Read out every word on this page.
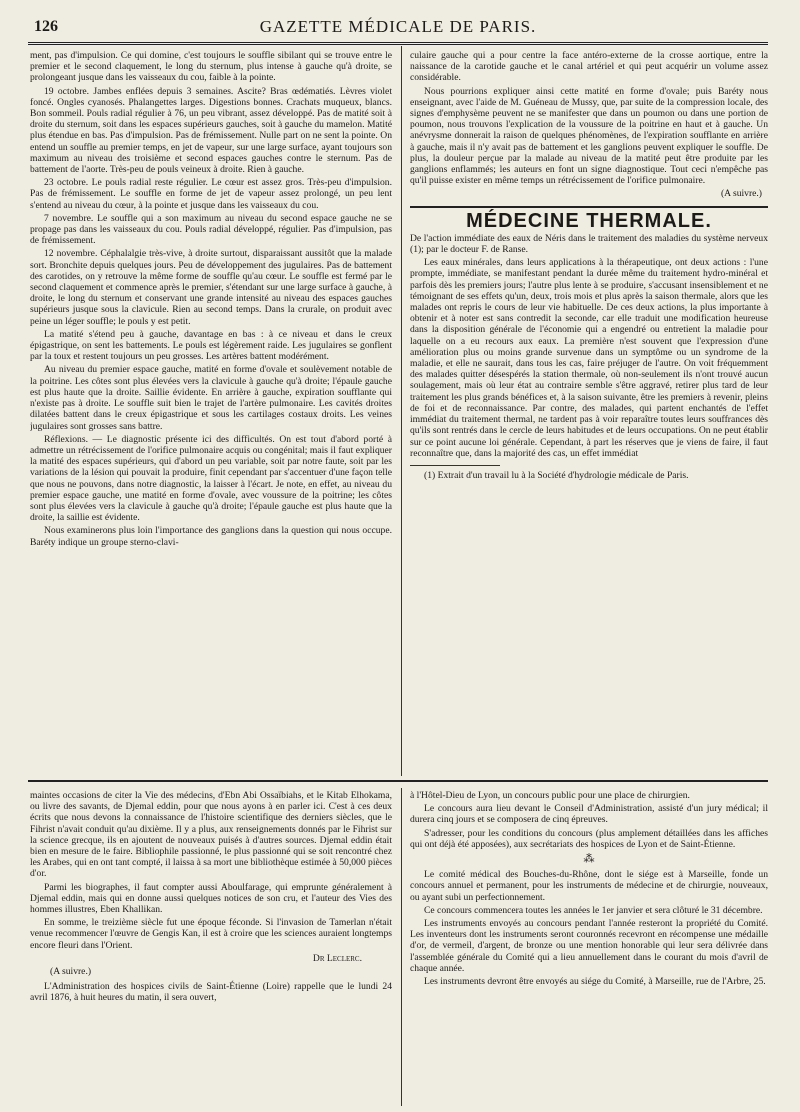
126	GAZETTE MÉDICALE DE PARIS.

ment, pas d'impulsion. Ce qui domine, c'est toujours le souffle sibilant qui se trouve entre le premier et le second claquement, le long du sternum, plus intense à gauche qu'à droite, se prolongeant jusque dans les vaisseaux du cou, faible à la pointe.

19 octobre. Jambes enflées depuis 3 semaines. Ascite? Bras œdématiés. Lèvres violet foncé. Ongles cyanosés. Phalangettes larges. Digestions bonnes. Crachats muqueux, blancs. Bon sommeil. Pouls radial régulier à 76, un peu vibrant, assez développé. Pas de matité soit à droite du sternum, soit dans les espaces supérieurs gauches, soit à gauche du mamelon. Matité plus étendue en bas. Pas d'impulsion. Pas de frémissement. Nulle part on ne sent la pointe. On entend un souffle au premier temps, en jet de vapeur, sur une large surface, ayant toujours son maximum au niveau des troisième et second espaces gauches contre le sternum. Pas de battement de l'aorte. Très-peu de pouls veineux à droite. Rien à gauche.

23 octobre. Le pouls radial reste régulier. Le cœur est assez gros. Très-peu d'impulsion. Pas de frémissement. Le souffle en forme de jet de vapeur assez prolongé, un peu lent s'entend au niveau du cœur, à la pointe et jusque dans les vaisseaux du cou.

7 novembre. Le souffle qui a son maximum au niveau du second espace gauche ne se propage pas dans les vaisseaux du cou. Pouls radial développé, régulier. Pas d'impulsion, pas de frémissement.

12 novembre. Céphalalgie très-vive, à droite surtout, disparaissant aussitôt que la malade sort. Bronchite depuis quelques jours. Peu de développement des jugulaires. Pas de battement des carotides, on y retrouve la même forme de souffle qu'au cœur. Le souffle est fermé par le second claquement et commence après le premier, s'étendant sur une large surface à gauche, à droite, le long du sternum et conservant une grande intensité au niveau des espaces gauches supérieurs jusque sous la clavicule. Rien au second temps. Dans la crurale, on produit avec peine un léger souffle; le pouls y est petit.

La matité s'étend peu à gauche, davantage en bas : à ce niveau et dans le creux épigastrique, on sent les battements. Le pouls est légèrement raide. Les jugulaires se gonflent par la toux et restent toujours un peu grosses. Les artères battent modérément.

Au niveau du premier espace gauche, matité en forme d'ovale et soulèvement notable de la poitrine. Les côtes sont plus élevées vers la clavicule à gauche qu'à droite; l'épaule gauche est plus haute que la droite. Saillie évidente. En arrière à gauche, expiration soufflante qui n'existe pas à droite. Le souffle suit bien le trajet de l'artère pulmonaire. Les cavités droites dilatées battent dans le creux épigastrique et sous les cartilages costaux droits. Les veines jugulaires sont grosses sans battre.

Réflexions. — Le diagnostic présente ici des difficultés. On est tout d'abord porté à admettre un rétrécissement de l'orifice pulmonaire acquis ou congénital; mais il faut expliquer la matité des espaces supérieurs, qui d'abord un peu variable, soit par notre faute, soit par les variations de la lésion qui pouvait la produire, finit cependant par s'accentuer d'une façon telle que nous ne pouvons, dans notre diagnostic, la laisser à l'écart. Je note, en effet, au niveau du premier espace gauche, une matité en forme d'ovale, avec voussure de la poitrine; les côtes sont plus élevées vers la clavicule à gauche qu'à droite; l'épaule gauche est plus haute que la droite, la saillie est évidente.

Nous examinerons plus loin l'importance des ganglions dans la question qui nous occupe. Baréty indique un groupe sterno-clavi-

culaire gauche qui a pour centre la face antéro-externe de la crosse aortique, entre la naissance de la carotide gauche et le canal artériel et qui peut acquérir un volume assez considérable.

Nous pourrions expliquer ainsi cette matité en forme d'ovale; puis Baréty nous enseignant, avec l'aide de M. Guéneau de Mussy, que, par suite de la compression locale, des signes d'emphysème peuvent ne se manifester que dans un poumon ou dans une portion de poumon, nous trouvons l'explication de la voussure de la poitrine en haut et à gauche. Un anévrysme donnerait la raison de quelques phénomènes, de l'expiration soufflante en arrière à gauche, mais il n'y avait pas de battement et les ganglions peuvent expliquer le souffle. De plus, la douleur perçue par la malade au niveau de la matité peut être produite par les ganglions enflammés; les auteurs en font un signe diagnostique. Tout ceci n'empêche pas qu'il puisse exister en même temps un rétrécissement de l'orifice pulmonaire.

(A suivre.)
MÉDECINE THERMALE.

De l'action immédiate des eaux de Néris dans le traitement des maladies du système nerveux (1); par le docteur F. de Ranse.

Les eaux minérales, dans leurs applications à la thérapeutique, ont deux actions : l'une prompte, immédiate, se manifestant pendant la durée même du traitement hydro-minéral et parfois dès les premiers jours; l'autre plus lente à se produire, s'accusant insensiblement et ne témoignant de ses effets qu'un, deux, trois mois et plus après la saison thermale, alors que les malades ont repris le cours de leur vie habituelle. De ces deux actions, la plus importante à obtenir et à noter est sans contredit la seconde, car elle traduit une modification heureuse dans la disposition générale de l'économie qui a engendré ou entretient la maladie pour laquelle on a eu recours aux eaux. La première n'est souvent que l'expression d'une amélioration plus ou moins grande survenue dans un symptôme ou un syndrome de la maladie, et elle ne saurait, dans tous les cas, faire préjuger de l'autre. On voit fréquemment des malades quitter désespérés la station thermale, où non-seulement ils n'ont trouvé aucun soulagement, mais où leur état au contraire semble s'être aggravé, retirer plus tard de leur traitement les plus grands bénéfices et, à la saison suivante, être les premiers à revenir, pleins de foi et de reconnaissance. Par contre, des malades, qui partent enchantés de l'effet immédiat du traitement thermal, ne tardent pas à voir reparaître toutes leurs souffrances dès qu'ils sont rentrés dans le cercle de leurs habitudes et de leurs occupations. On ne peut établir sur ce point aucune loi générale. Cependant, à part les réserves que je viens de faire, il faut reconnaître que, dans la majorité des cas, un effet immédiat

(1) Extrait d'un travail lu à la Société d'hydrologie médicale de Paris.

maintes occasions de citer la Vie des médecins, d'Ebn Abi Ossaïbiahs, et le Kitab Elhokama, ou livre des savants, de Djemal eddin, pour que nous ayons à en parler ici. C'est à ces deux écrits que nous devons la connaissance de l'histoire scientifique des derniers siècles, que le Fihrist n'avait conduit qu'au dixième. Il y a plus, aux renseignements donnés par le Fihrist sur la science grecque, ils en ajoutent de nouveaux puisés à d'autres sources. Djemal eddin était bien en mesure de le faire. Bibliophile passionné, le plus passionné qui se soit rencontré chez les Arabes, qui en ont tant compté, il laissa à sa mort une bibliothèque estimée à 50,000 pièces d'or.

Parmi les biographes, il faut compter aussi Aboulfarage, qui emprunte généralement à Djemal eddin, mais qui en donne aussi quelques notices de son cru, et l'auteur des Vies des hommes illustres, Eben Khallikan.

En somme, le treizième siècle fut une époque féconde. Si l'invasion de Tamerlan n'était venue recommencer l'œuvre de Gengis Kan, il est à croire que les sciences auraient longtemps encore fleuri dans l'Orient.

Dr Leclerc.
(A suivre.)

L'Administration des hospices civils de Saint-Étienne (Loire) rappelle que le lundi 24 avril 1876, à huit heures du matin, il sera ouvert,

à l'Hôtel-Dieu de Lyon, un concours public pour une place de chirurgien.

Le concours aura lieu devant le Conseil d'Administration, assisté d'un jury médical; il durera cinq jours et se composera de cinq épreuves.

S'adresser, pour les conditions du concours (plus amplement détaillées dans les affiches qui ont déjà été apposées), aux secrétariats des hospices de Lyon et de Saint-Étienne.

⁂

Le comité médical des Bouches-du-Rhône, dont le siége est à Marseille, fonde un concours annuel et permanent, pour les instruments de médecine et de chirurgie, nouveaux, ou ayant subi un perfectionnement.

Ce concours commencera toutes les années le 1er janvier et sera clôturé le 31 décembre.

Les instruments envoyés au concours pendant l'année resteront la propriété du Comité. Les inventeurs dont les instruments seront couronnés recevront en récompense une médaille d'or, de vermeil, d'argent, de bronze ou une mention honorable qui leur sera délivrée dans l'assemblée générale du Comité qui a lieu annuellement dans le courant du mois d'avril de chaque année.

Les instruments devront être envoyés au siége du Comité, à Marseille, rue de l'Arbre, 25.
